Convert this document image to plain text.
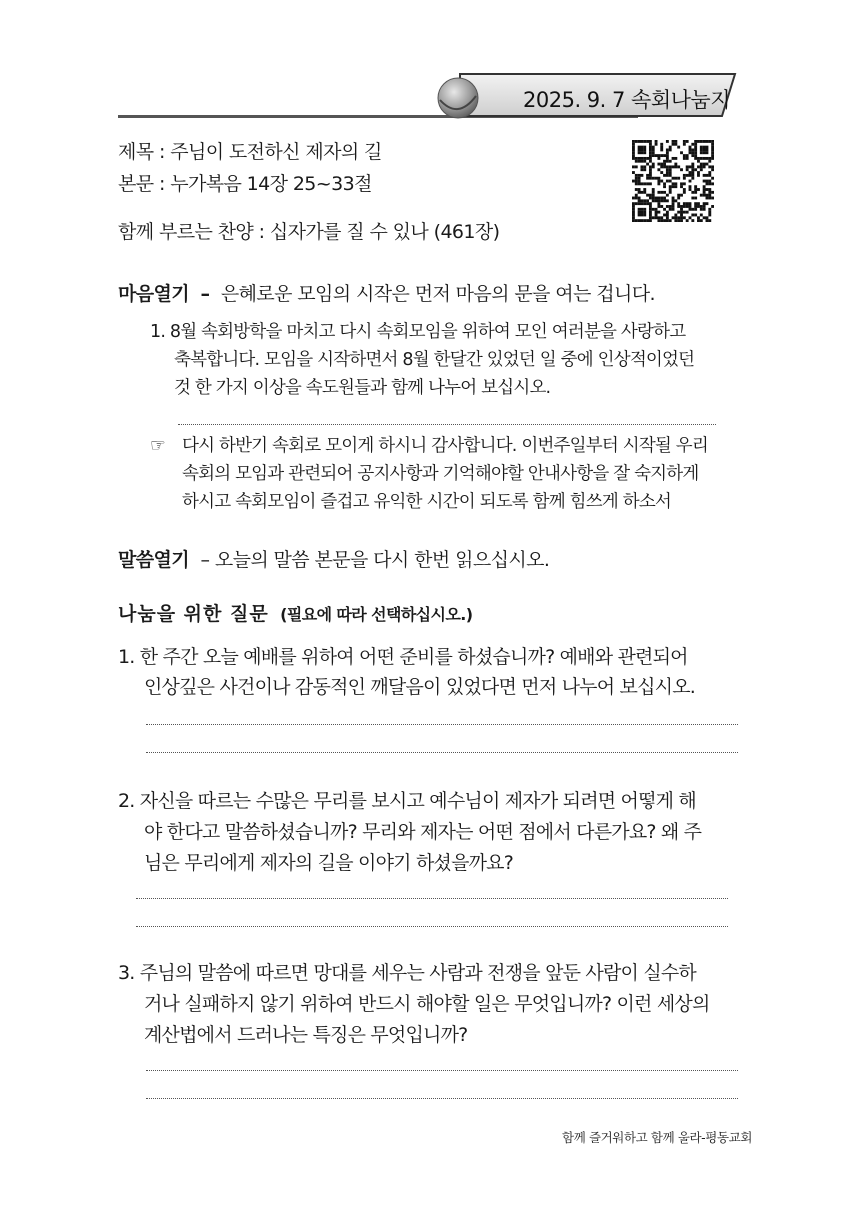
2025. 9. 7 속회나눔지
제목 : 주님이 도전하신 제자의 길
본문 : 누가복음 14장 25~33절
함께 부르는 찬양 : 십자가를 질 수 있나 (461장)
마음열기 – 은혜로운 모임의 시작은 먼저 마음의 문을 여는 겁니다.
1. 8월 속회방학을 마치고 다시 속회모임을 위하여 모인 여러분을 사랑하고
축복합니다. 모임을 시작하면서 8월 한달간 있었던 일 중에 인상적이었던
것 한 가지 이상을 속도원들과 함께 나누어 보십시오.
☞ 다시 하반기 속회로 모이게 하시니 감사합니다. 이번주일부터 시작될 우리
속회의 모임과 관련되어 공지사항과 기억해야할 안내사항을 잘 숙지하게
하시고 속회모임이 즐겁고 유익한 시간이 되도록 함께 힘쓰게 하소서
말씀열기 – 오늘의 말씀 본문을 다시 한번 읽으십시오.
나눔을 위한 질문 (필요에 따라 선택하십시오.)
1. 한 주간 오늘 예배를 위하여 어떤 준비를 하셨습니까? 예배와 관련되어
인상깊은 사건이나 감동적인 깨달음이 있었다면 먼저 나누어 보십시오.
2. 자신을 따르는 수많은 무리를 보시고 예수님이 제자가 되려면 어떻게 해
야 한다고 말씀하셨습니까? 무리와 제자는 어떤 점에서 다른가요? 왜 주
님은 무리에게 제자의 길을 이야기 하셨을까요?
3. 주님의 말씀에 따르면 망대를 세우는 사람과 전쟁을 앞둔 사람이 실수하
거나 실패하지 않기 위하여 반드시 해야할 일은 무엇입니까? 이런 세상의
계산법에서 드러나는 특징은 무엇입니까?
함께 즐거워하고 함께 울라-평동교회
